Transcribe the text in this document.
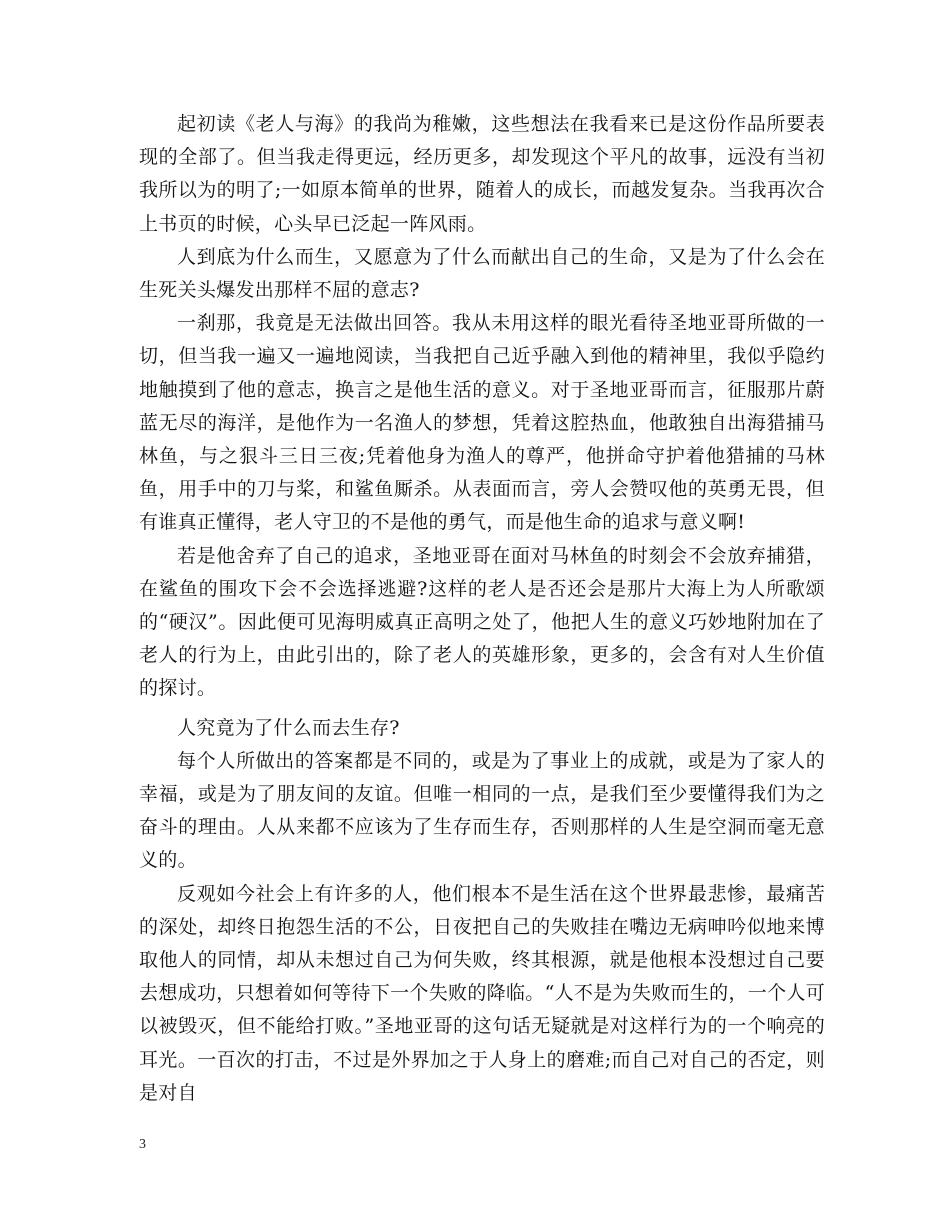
起初读《老人与海》的我尚为稚嫩，这些想法在我看来已是这份作品所要表现的全部了。但当我走得更远，经历更多，却发现这个平凡的故事，远没有当初我所以为的明了;一如原本简单的世界，随着人的成长，而越发复杂。当我再次合上书页的时候，心头早已泛起一阵风雨。

人到底为什么而生，又愿意为了什么而献出自己的生命，又是为了什么会在生死关头爆发出那样不屈的意志?

一刹那，我竟是无法做出回答。我从未用这样的眼光看待圣地亚哥所做的一切，但当我一遍又一遍地阅读，当我把自己近乎融入到他的精神里，我似乎隐约地触摸到了他的意志，换言之是他生活的意义。对于圣地亚哥而言，征服那片蔚蓝无尽的海洋，是他作为一名渔人的梦想，凭着这腔热血，他敢独自出海猎捕马林鱼，与之狠斗三日三夜;凭着他身为渔人的尊严，他拼命守护着他猎捕的马林鱼，用手中的刀与桨，和鲨鱼厮杀。从表面而言，旁人会赞叹他的英勇无畏，但有谁真正懂得，老人守卫的不是他的勇气，而是他生命的追求与意义啊!

若是他舍弃了自己的追求，圣地亚哥在面对马林鱼的时刻会不会放弃捕猎，在鲨鱼的围攻下会不会选择逃避?这样的老人是否还会是那片大海上为人所歌颂的“硬汉”。因此便可见海明威真正高明之处了，他把人生的意义巧妙地附加在了老人的行为上，由此引出的，除了老人的英雄形象，更多的，会含有对人生价值的探讨。

人究竟为了什么而去生存?

每个人所做出的答案都是不同的，或是为了事业上的成就，或是为了家人的幸福，或是为了朋友间的友谊。但唯一相同的一点，是我们至少要懂得我们为之奋斗的理由。人从来都不应该为了生存而生存，否则那样的人生是空洞而毫无意义的。

反观如今社会上有许多的人，他们根本不是生活在这个世界最悲惨，最痛苦的深处，却终日抱怨生活的不公，日夜把自己的失败挂在嘴边无病呻吟似地来博取他人的同情，却从未想过自己为何失败，终其根源，就是他根本没想过自己要去想成功，只想着如何等待下一个失败的降临。“人不是为失败而生的，一个人可以被毁灭，但不能给打败。”圣地亚哥的这句话无疑就是对这样行为的一个响亮的耳光。一百次的打击，不过是外界加之于人身上的磨难;而自己对自己的否定，则是对自

3
